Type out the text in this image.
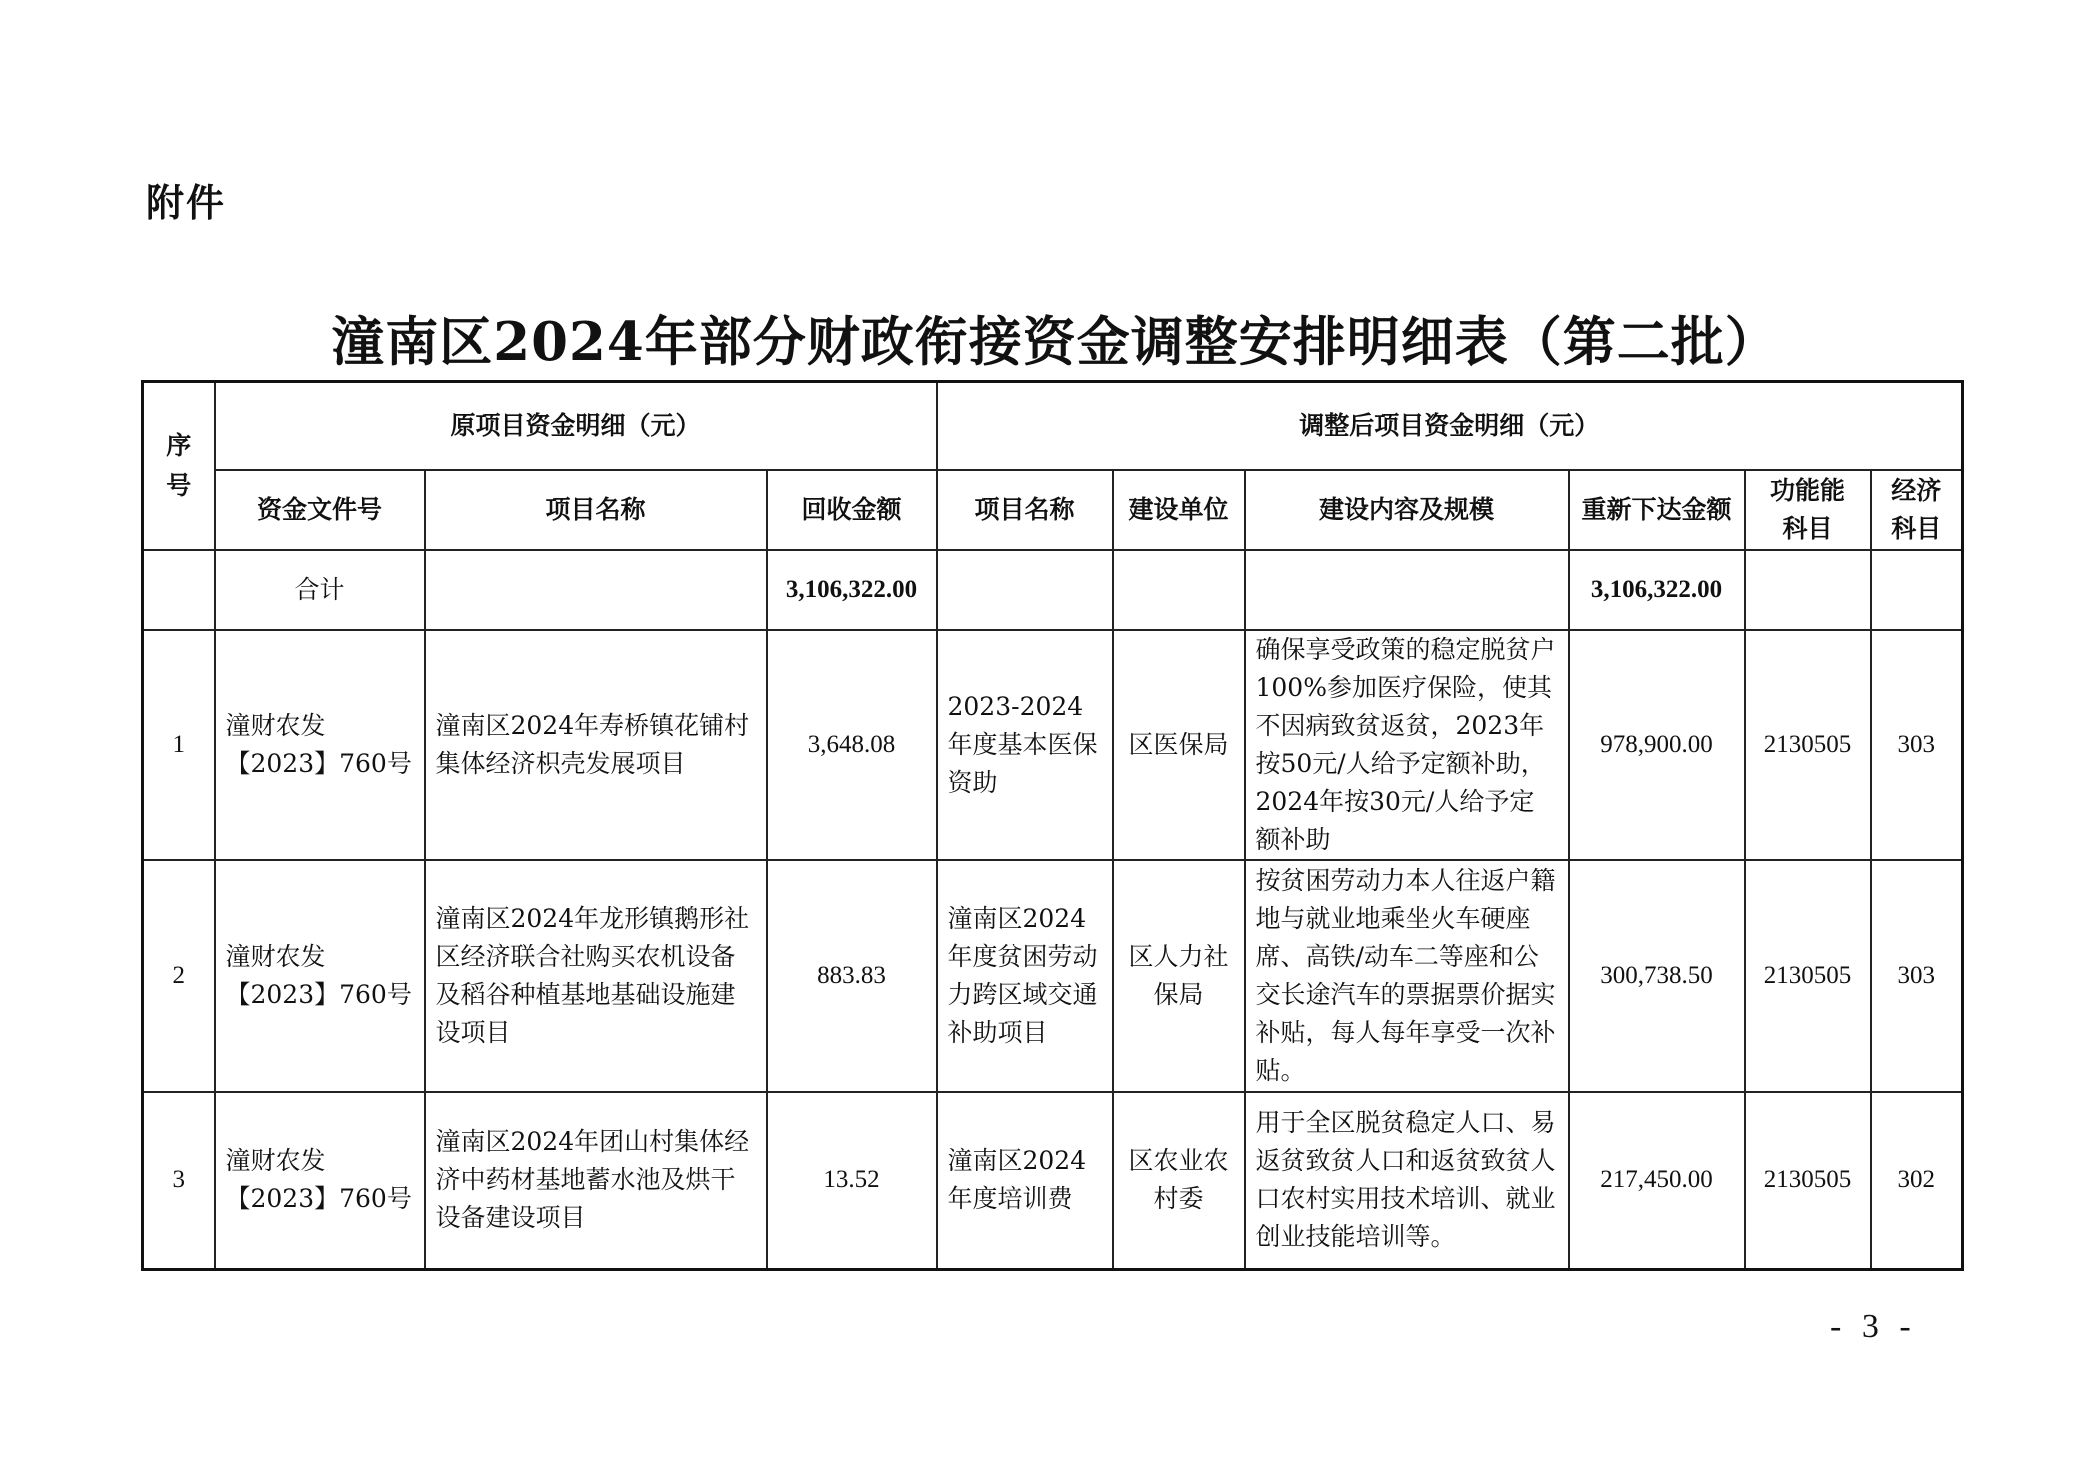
附件
潼南区2024年部分财政衔接资金调整安排明细表（第二批）
序号	原项目资金明细（元）			调整后项目资金明细（元）					
	资金文件号	项目名称	回收金额	项目名称	建设单位	建设内容及规模	重新下达金额	功能能科目	经济科目

	合计		3,106,322.00				3,106,322.00		
1	潼财农发【2023】760号	潼南区2024年寿桥镇花铺村集体经济枳壳发展项目	3,648.08	2023-2024年度基本医保资助	区医保局	确保享受政策的稳定脱贫户100%参加医疗保险，使其不因病致贫返贫，2023年按50元/人给予定额补助，2024年按30元/人给予定额补助	978,900.00	2130505	303
2	潼财农发【2023】760号	潼南区2024年龙形镇鹅形社区经济联合社购买农机设备及稻谷种植基地基础设施建设项目	883.83	潼南区2024年度贫困劳动力跨区域交通补助项目	区人力社保局	按贫困劳动力本人往返户籍地与就业地乘坐火车硬座席、高铁/动车二等座和公交长途汽车的票据票价据实补贴，每人每年享受一次补贴。	300,738.50	2130505	303
3	潼财农发【2023】760号	潼南区2024年团山村集体经济中药材基地蓄水池及烘干设备建设项目	13.52	潼南区2024年度培训费	区农业农村委	用于全区脱贫稳定人口、易返贫致贫人口和返贫致贫人口农村实用技术培训、就业创业技能培训等。	217,450.00	2130505	302
- 3 -
